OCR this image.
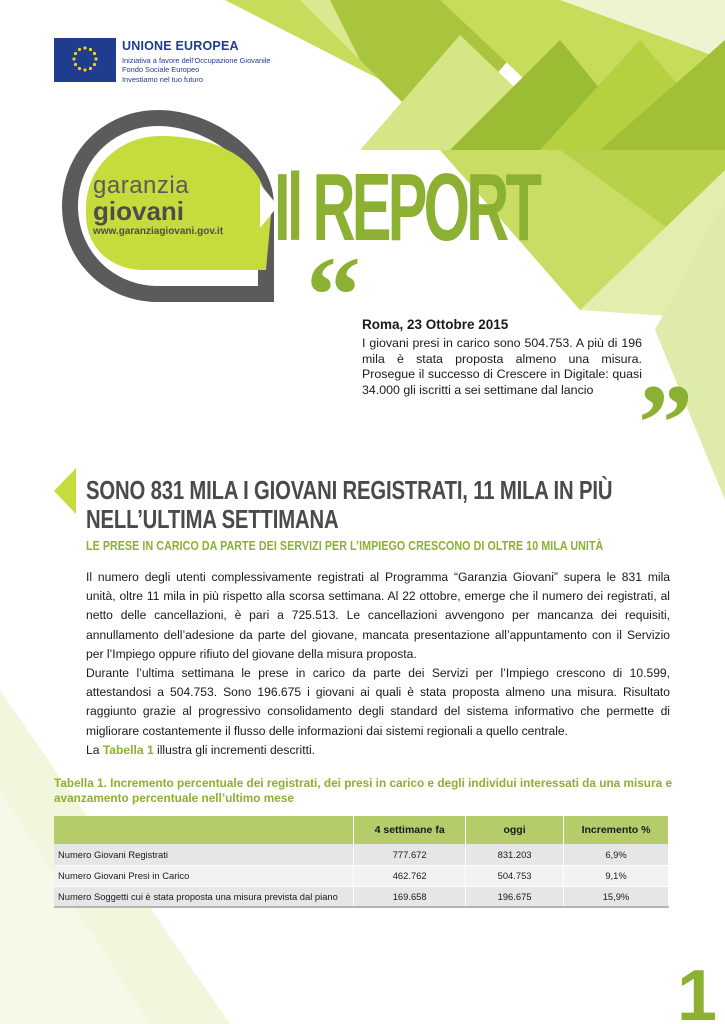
UNIONE EUROPEA
Iniziativa a favore dell'Occupazione Giovanile
Fondo Sociale Europeo
Investiamo nel tuo futuro
garanzia
giovani
www.garanziagiovani.gov.it Il REPORT
“
”
Roma, 23 Ottobre 2015
I giovani presi in carico sono 504.753. A più di 196 mila è stata proposta almeno una misura. Prosegue il successo di Crescere in Digitale: quasi 34.000 gli iscritti a sei settimane dal lancio
SONO 831 MILA I GIOVANI REGISTRATI, 11 MILA IN PIÙ NELL’ULTIMA SETTIMANA
LE PRESE IN CARICO DA PARTE DEI SERVIZI PER L’IMPIEGO CRESCONO DI OLTRE 10 MILA UNITÀ

Il numero degli utenti complessivamente registrati al Programma “Garanzia Giovani” supera le 831 mila unità, oltre 11 mila in più rispetto alla scorsa settimana. Al 22 ottobre, emerge che il numero dei registrati, al netto delle cancellazioni, è pari a 725.513. Le cancellazioni avvengono per mancanza dei requisiti, annullamento dell’adesione da parte del giovane, mancata presentazione all’appuntamento con il Servizio per l’Impiego oppure rifiuto del giovane della misura proposta.

Durante l’ultima settimana le prese in carico da parte dei Servizi per l’Impiego crescono di 10.599, attestandosi a 504.753. Sono 196.675 i giovani ai quali è stata proposta almeno una misura. Risultato raggiunto grazie al progressivo consolidamento degli standard del sistema informativo che permette di migliorare costantemente il flusso delle informazioni dai sistemi regionali a quello centrale.

La Tabella 1 illustra gli incrementi descritti.

Tabella 1. Incremento percentuale dei registrati, dei presi in carico e degli individui interessati da una misura e avanzamento percentuale nell’ultimo mese
	4 settimane fa	oggi	Incremento %
Numero Giovani Registrati	777.672	831.203	6,9%
Numero Giovani Presi in Carico	462.762	504.753	9,1%
Numero Soggetti cui è stata proposta una misura prevista dal piano	169.658	196.675	15,9%
1
